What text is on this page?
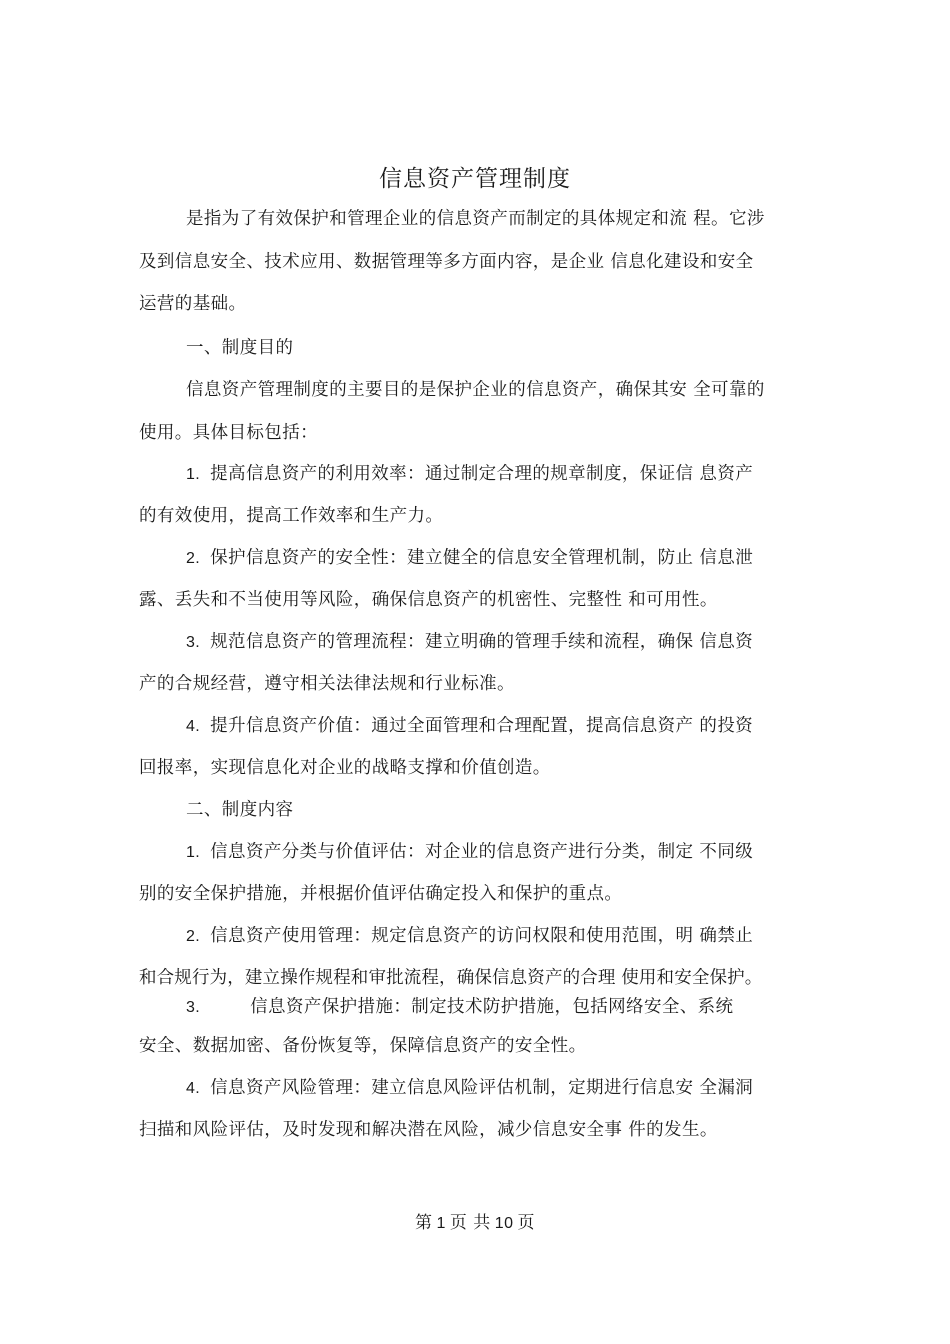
信息资产管理制度
是指为了有效保护和管理企业的信息资产而制定的具体规定和流 程。它涉
及到信息安全、技术应用、数据管理等多方面内容，是企业 信息化建设和安全
运营的基础。
一、制度目的
信息资产管理制度的主要目的是保护企业的信息资产，确保其安 全可靠的
使用。具体目标包括：
1. 提高信息资产的利用效率：通过制定合理的规章制度，保证信 息资产
的有效使用，提高工作效率和生产力。
2. 保护信息资产的安全性：建立健全的信息安全管理机制，防止 信息泄
露、丢失和不当使用等风险，确保信息资产的机密性、完整性 和可用性。
3. 规范信息资产的管理流程：建立明确的管理手续和流程，确保 信息资
产的合规经营，遵守相关法律法规和行业标准。
4. 提升信息资产价值：通过全面管理和合理配置，提高信息资产 的投资
回报率，实现信息化对企业的战略支撑和价值创造。
二、制度内容
1. 信息资产分类与价值评估：对企业的信息资产进行分类，制定 不同级
别的安全保护措施，并根据价值评估确定投入和保护的重点。
2. 信息资产使用管理：规定信息资产的访问权限和使用范围，明 确禁止
和合规行为，建立操作规程和审批流程，确保信息资产的合理 使用和安全保护。
3.	信息资产保护措施：制定技术防护措施，包括网络安全、系统
安全、数据加密、备份恢复等，保障信息资产的安全性。
4. 信息资产风险管理：建立信息风险评估机制，定期进行信息安 全漏洞
扫描和风险评估，及时发现和解决潜在风险，减少信息安全事 件的发生。
第 1 页 共 10 页
